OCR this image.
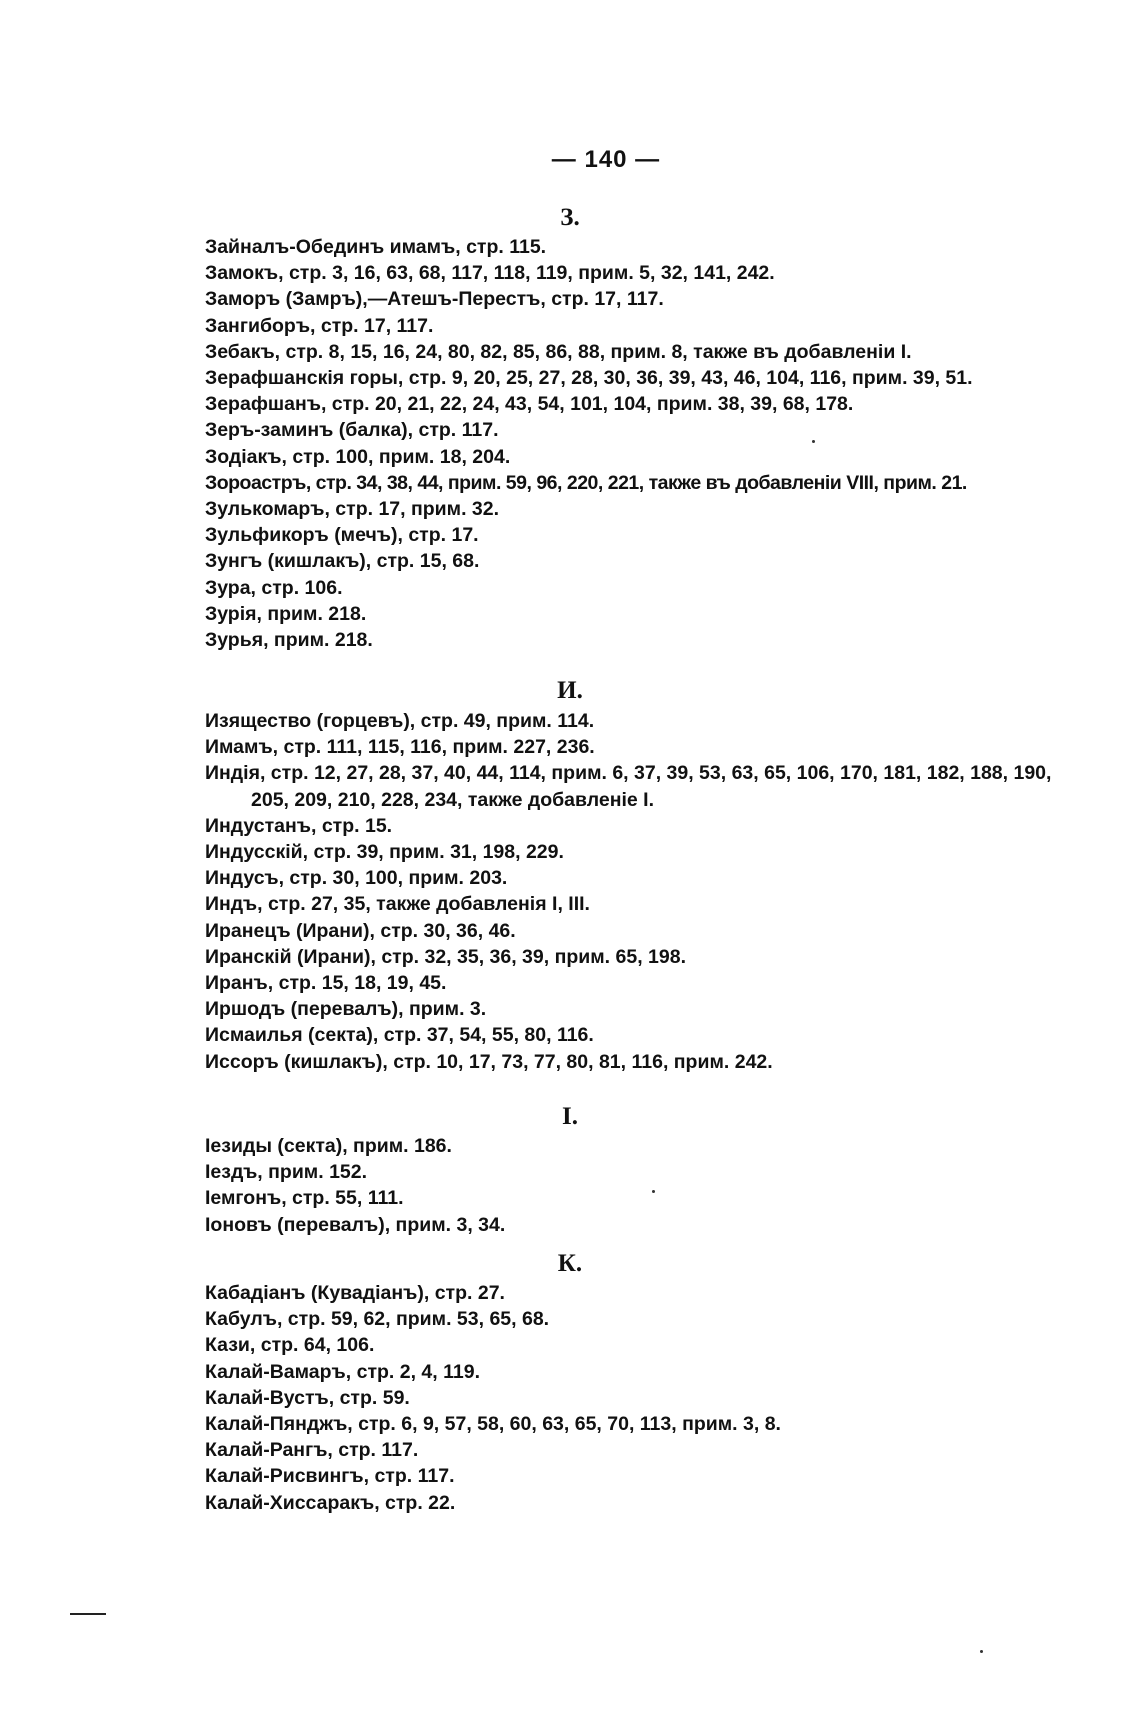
— 140 —
З.
Зайналъ-Обединъ имамъ, стр. 115.
Замокъ, стр. 3, 16, 63, 68, 117, 118, 119, прим. 5, 32, 141, 242.
Заморъ (Замръ),—Атешъ-Перестъ, стр. 17, 117.
Зангиборъ, стр. 17, 117.
Зебакъ, стр. 8, 15, 16, 24, 80, 82, 85, 86, 88, прим. 8, также въ добавленіи I.
Зерафшанскія горы, стр. 9, 20, 25, 27, 28, 30, 36, 39, 43, 46, 104, 116, прим. 39, 51.
Зерафшанъ, стр. 20, 21, 22, 24, 43, 54, 101, 104, прим. 38, 39, 68, 178.
Зеръ-заминъ (балка), стр. 117.
Зодіакъ, стр. 100, прим. 18, 204.
Зороастръ, стр. 34, 38, 44, прим. 59, 96, 220, 221, также въ добавленіи VIII, прим. 21.
Зулькомаръ, стр. 17, прим. 32.
Зульфикоръ (мечъ), стр. 17.
Зунгъ (кишлакъ), стр. 15, 68.
Зура, стр. 106.
Зурія, прим. 218.
Зурья, прим. 218.
И.
Изящество (горцевъ), стр. 49, прим. 114.
Имамъ, стр. 111, 115, 116, прим. 227, 236.
Индія, стр. 12, 27, 28, 37, 40, 44, 114, прим. 6, 37, 39, 53, 63, 65, 106, 170, 181, 182, 188, 190, 205, 209, 210, 228, 234, также добавленіе I.
Индустанъ, стр. 15.
Индусскій, стр. 39, прим. 31, 198, 229.
Индусъ, стр. 30, 100, прим. 203.
Индъ, стр. 27, 35, также добавленія I, III.
Иранецъ (Ирани), стр. 30, 36, 46.
Иранскій (Ирани), стр. 32, 35, 36, 39, прим. 65, 198.
Иранъ, стр. 15, 18, 19, 45.
Иршодъ (перевалъ), прим. 3.
Исмаилья (секта), стр. 37, 54, 55, 80, 116.
Иссоръ (кишлакъ), стр. 10, 17, 73, 77, 80, 81, 116, прим. 242.
I.
Iезиды (секта), прим. 186.
Iездъ, прим. 152.
Iемгонъ, стр. 55, 111.
Iоновъ (перевалъ), прим. 3, 34.
К.
Кабадіанъ (Кувадіанъ), стр. 27.
Кабулъ, стр. 59, 62, прим. 53, 65, 68.
Кази, стр. 64, 106.
Калай-Вамаръ, стр. 2, 4, 119.
Калай-Вустъ, стр. 59.
Калай-Пянджъ, стр. 6, 9, 57, 58, 60, 63, 65, 70, 113, прим. 3, 8.
Калай-Рангъ, стр. 117.
Калай-Рисвингъ, стр. 117.
Калай-Хиссаракъ, стр. 22.
